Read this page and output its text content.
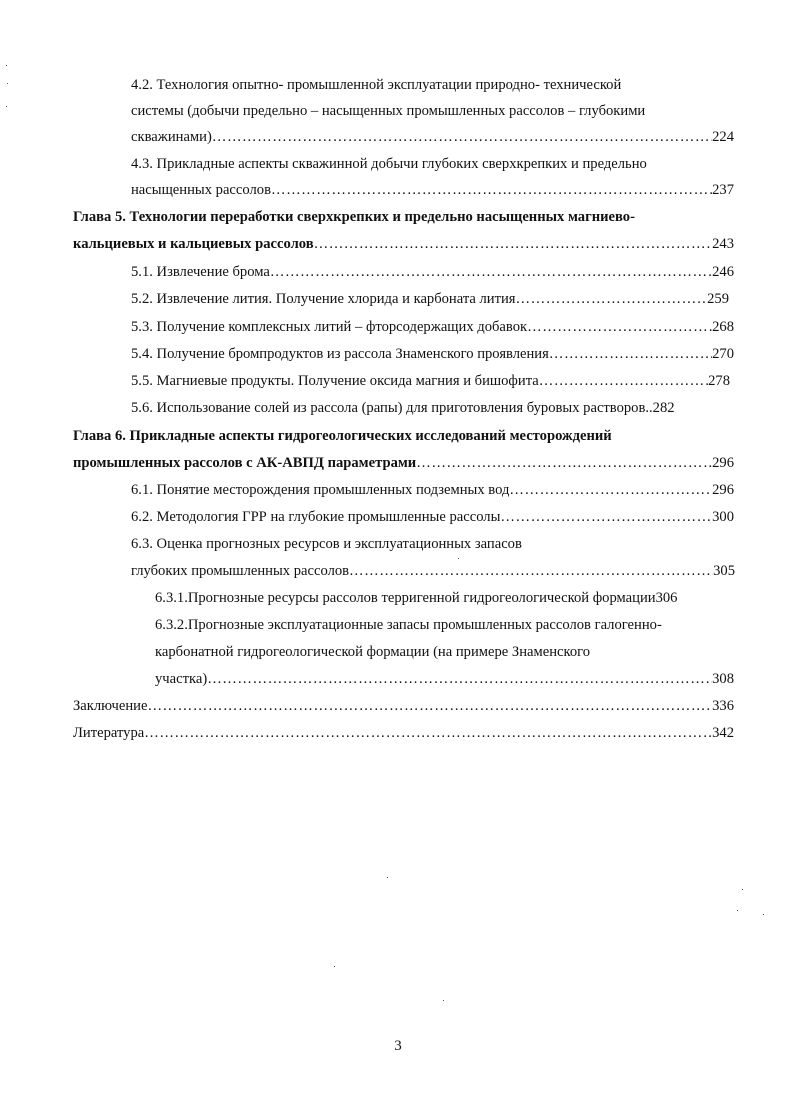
4.2. Технология опытно- промышленной эксплуатации природно- технической
системы (добычи предельно – насыщенных промышленных рассолов – глубокими
скважинами) …………………………………………………………………………………………………………………………………………………………………………………………………………	224
4.3. Прикладные аспекты скважинной добычи глубоких сверхкрепких и предельно
насыщенных рассолов …………………………………………………………………………………………………………………………………………………………………………………………………………	237
Глава 5. Технологии переработки сверхкрепких и предельно насыщенных магниево-
кальциевых и кальциевых рассолов …………………………………………………………………………………………………………………………………………………………………………………………………………	243
5.1. Извлечение брома …………………………………………………………………………………………………………………………………………………………………………………………………………	246
5.2. Извлечение лития. Получение хлорида и карбоната лития …………………………………………………………………………………………………………………………………………………………………………………………………………	259
5.3. Получение комплексных литий – фторсодержащих добавок …………………………………………………………………………………………………………………………………………………………………………………………………………	268
5.4. Получение бромпродуктов из рассола Знаменского проявления …………………………………………………………………………………………………………………………………………………………………………………………………………	270
5.5. Магниевые продукты. Получение оксида магния и бишофита …………………………………………………………………………………………………………………………………………………………………………………………………………	278
5.6. Использование солей из рассола (рапы) для приготовления буровых растворов.. 282
Глава 6. Прикладные аспекты гидрогеологических исследований месторождений
промышленных рассолов с АК-АВПД параметрами …………………………………………………………………………………………………………………………………………………………………………………………………………	296
6.1. Понятие месторождения промышленных подземных вод …………………………………………………………………………………………………………………………………………………………………………………………………………	296
6.2. Методология ГРР на глубокие промышленные рассолы …………………………………………………………………………………………………………………………………………………………………………………………………………	300
6.3. Оценка прогнозных ресурсов и эксплуатационных запасов
глубоких промышленных рассолов …………………………………………………………………………………………………………………………………………………………………………………………………………	305
6.3.1.Прогнозные ресурсы рассолов терригенной гидрогеологической формации 306
6.3.2.Прогнозные эксплуатационные запасы промышленных рассолов галогенно-
карбонатной гидрогеологической формации (на примере Знаменского
участка) …………………………………………………………………………………………………………………………………………………………………………………………………………	308
Заключение …………………………………………………………………………………………………………………………………………………………………………………………………………	336
Литература …………………………………………………………………………………………………………………………………………………………………………………………………………	342
3
